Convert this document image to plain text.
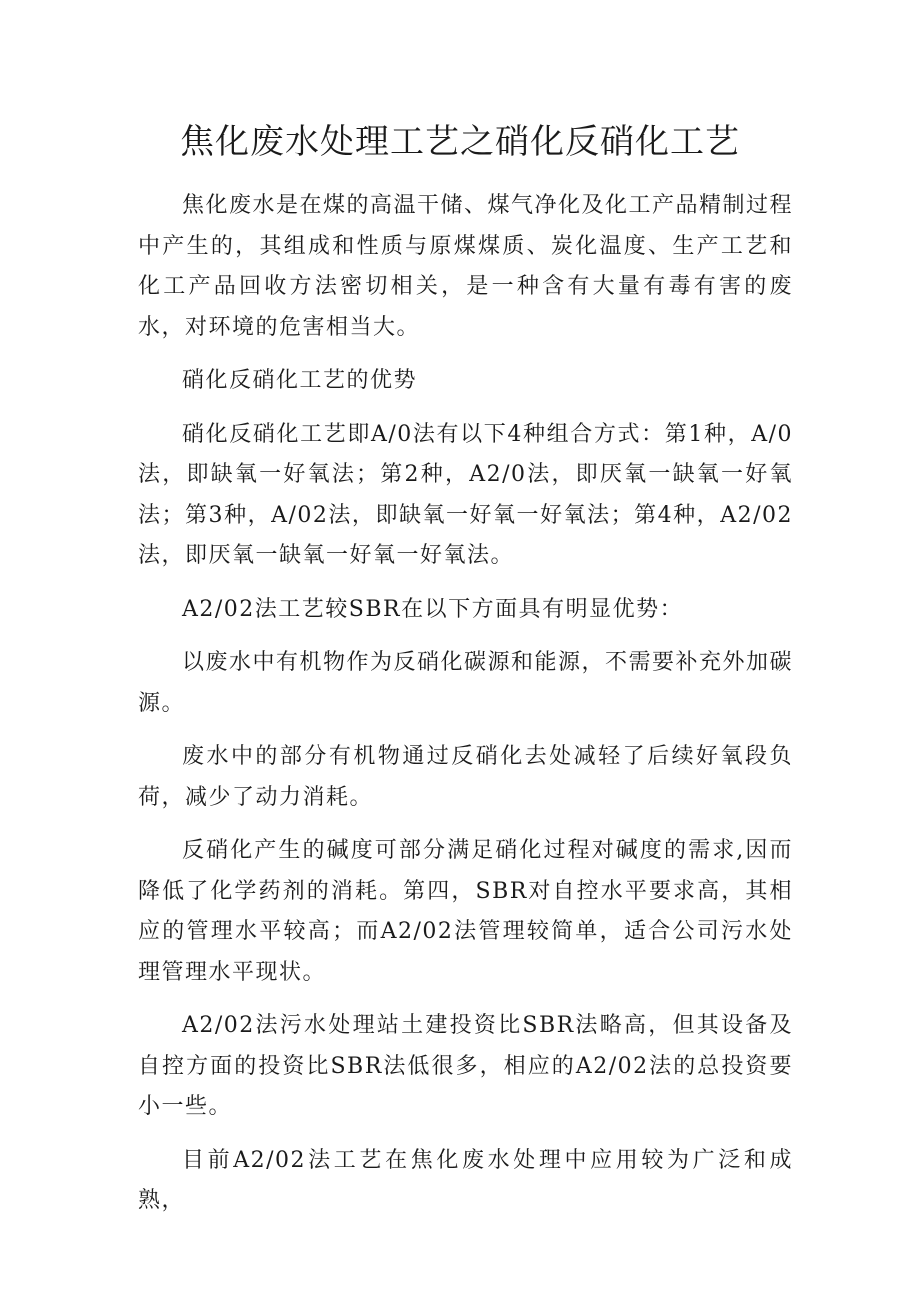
焦化废水处理工艺之硝化反硝化工艺

焦化废水是在煤的高温干储、煤气净化及化工产品精制过程中产生的，其组成和性质与原煤煤质、炭化温度、生产工艺和化工产品回收方法密切相关，是一种含有大量有毒有害的废水，对环境的危害相当大。

硝化反硝化工艺的优势

硝化反硝化工艺即A/0法有以下4种组合方式：第1种，A/0法，即缺氧一好氧法；第2种，A2/0法，即厌氧一缺氧一好氧法；第3种，A/02法，即缺氧一好氧一好氧法；第4种，A2/02法，即厌氧一缺氧一好氧一好氧法。

A2/02法工艺较SBR在以下方面具有明显优势：

以废水中有机物作为反硝化碳源和能源，不需要补充外加碳源。

废水中的部分有机物通过反硝化去处减轻了后续好氧段负荷，减少了动力消耗。

反硝化产生的碱度可部分满足硝化过程对碱度的需求,因而降低了化学药剂的消耗。第四，SBR对自控水平要求高，其相应的管理水平较高；而A2/02法管理较简单，适合公司污水处理管理水平现状。

A2/02法污水处理站土建投资比SBR法略高，但其设备及自控方面的投资比SBR法低很多，相应的A2/02法的总投资要小一些。

目前A2/02法工艺在焦化废水处理中应用较为广泛和成熟，
